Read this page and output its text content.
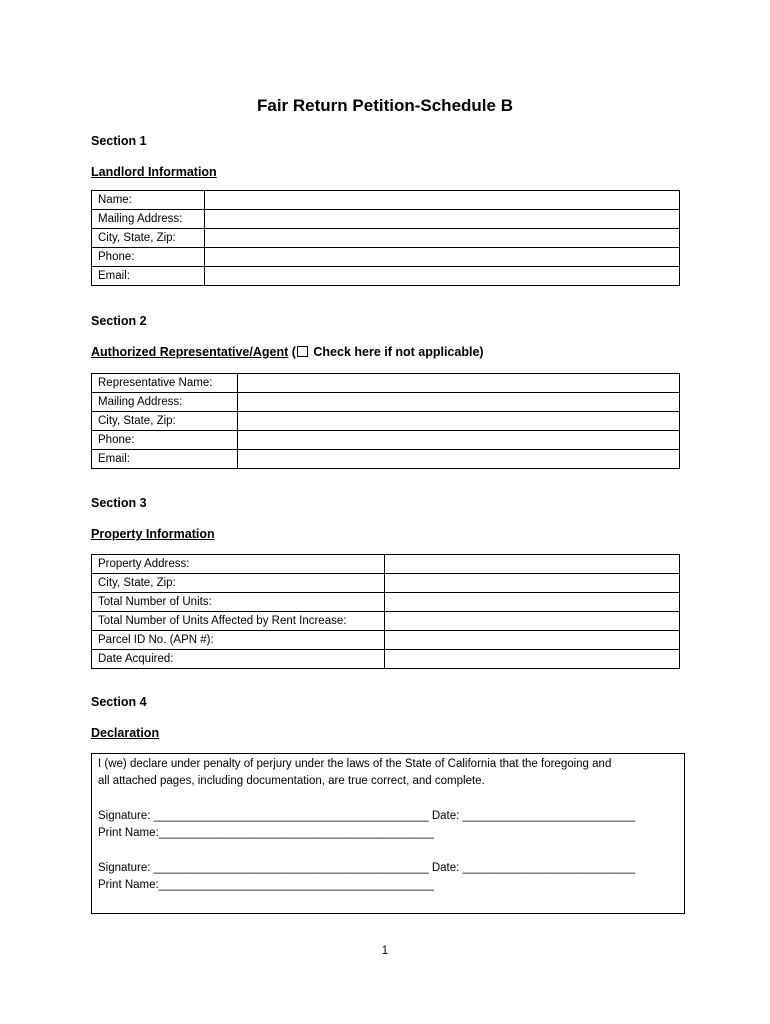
Fair Return Petition-Schedule B
Section 1
Landlord Information
Name:	
Mailing Address:	
City, State, Zip:	
Phone:	
Email:	
Section 2
Authorized Representative/Agent ( Check here if not applicable)
Representative Name:	
Mailing Address:	
City, State, Zip:	
Phone:	
Email:	
Section 3
Property Information
Property Address:	
City, State, Zip:	
Total Number of Units:	
Total Number of Units Affected by Rent Increase:	
Parcel ID No. (APN #):	
Date Acquired:	
Section 4
Declaration
I (we) declare under penalty of perjury under the laws of the State of California that the foregoing and
all attached pages, including documentation, are true correct, and complete.
Signature: ___________________________________________ Date: ___________________________
Print Name:___________________________________________
Signature: ___________________________________________ Date: ___________________________
Print Name:___________________________________________
1
